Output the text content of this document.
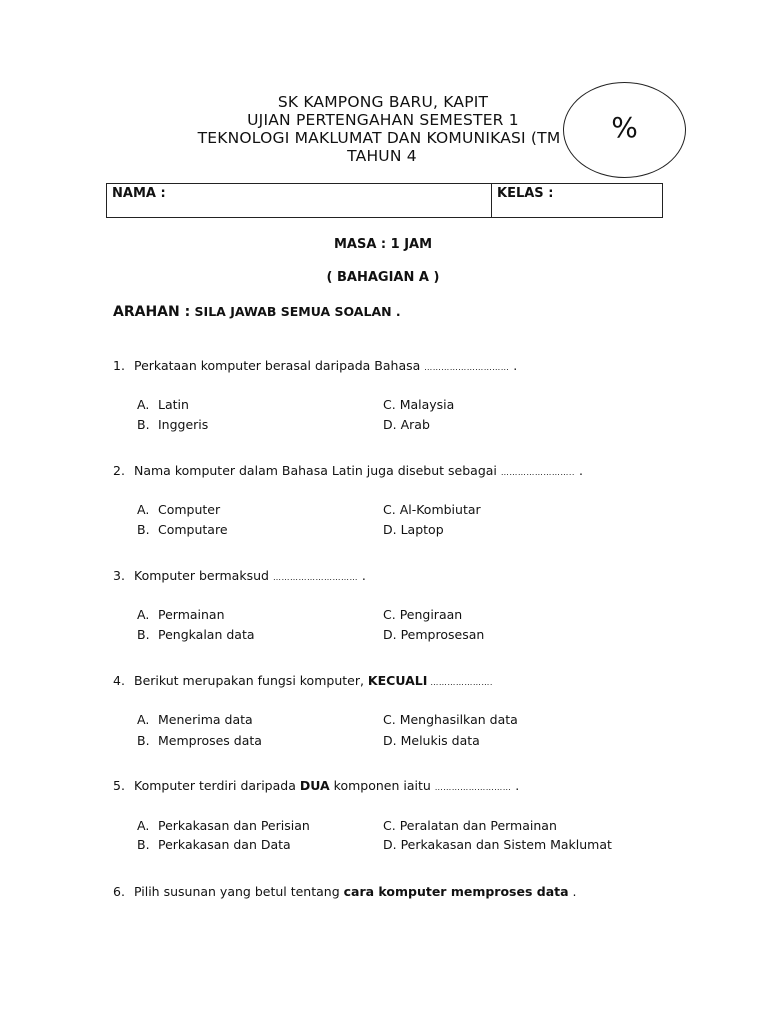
SK KAMPONG BARU, KAPIT
UJIAN PERTENGAHAN SEMESTER 1
TEKNOLOGI MAKLUMAT DAN KOMUNIKASI (TM
TAHUN 4
%
NAMA :	KELAS :
MASA : 1 JAM
( BAHAGIAN A )
ARAHAN : SILA JAWAB SEMUA SOALAN .
1. Perkataan komputer berasal daripada Bahasa ………………………… .
A. Latin
B. Inggeris
C. Malaysia
D. Arab
2. Nama komputer dalam Bahasa Latin juga disebut sebagai …………………….. .
A. Computer
B. Computare
C. Al-Kombiutar
D. Laptop
3. Komputer bermaksud ………………………… .
A. Permainan
B. Pengkalan data
C. Pengiraan
D. Pemprosesan
4. Berikut merupakan fungsi komputer, KECUALI ………………….
A. Menerima data
B. Memproses data
C. Menghasilkan data
D. Melukis data
5. Komputer terdiri daripada DUA komponen iaitu ……………………… .
A. Perkakasan dan Perisian
B. Perkakasan dan Data
C. Peralatan dan Permainan
D. Perkakasan dan Sistem Maklumat
6. Pilih susunan yang betul tentang cara komputer memproses data .
